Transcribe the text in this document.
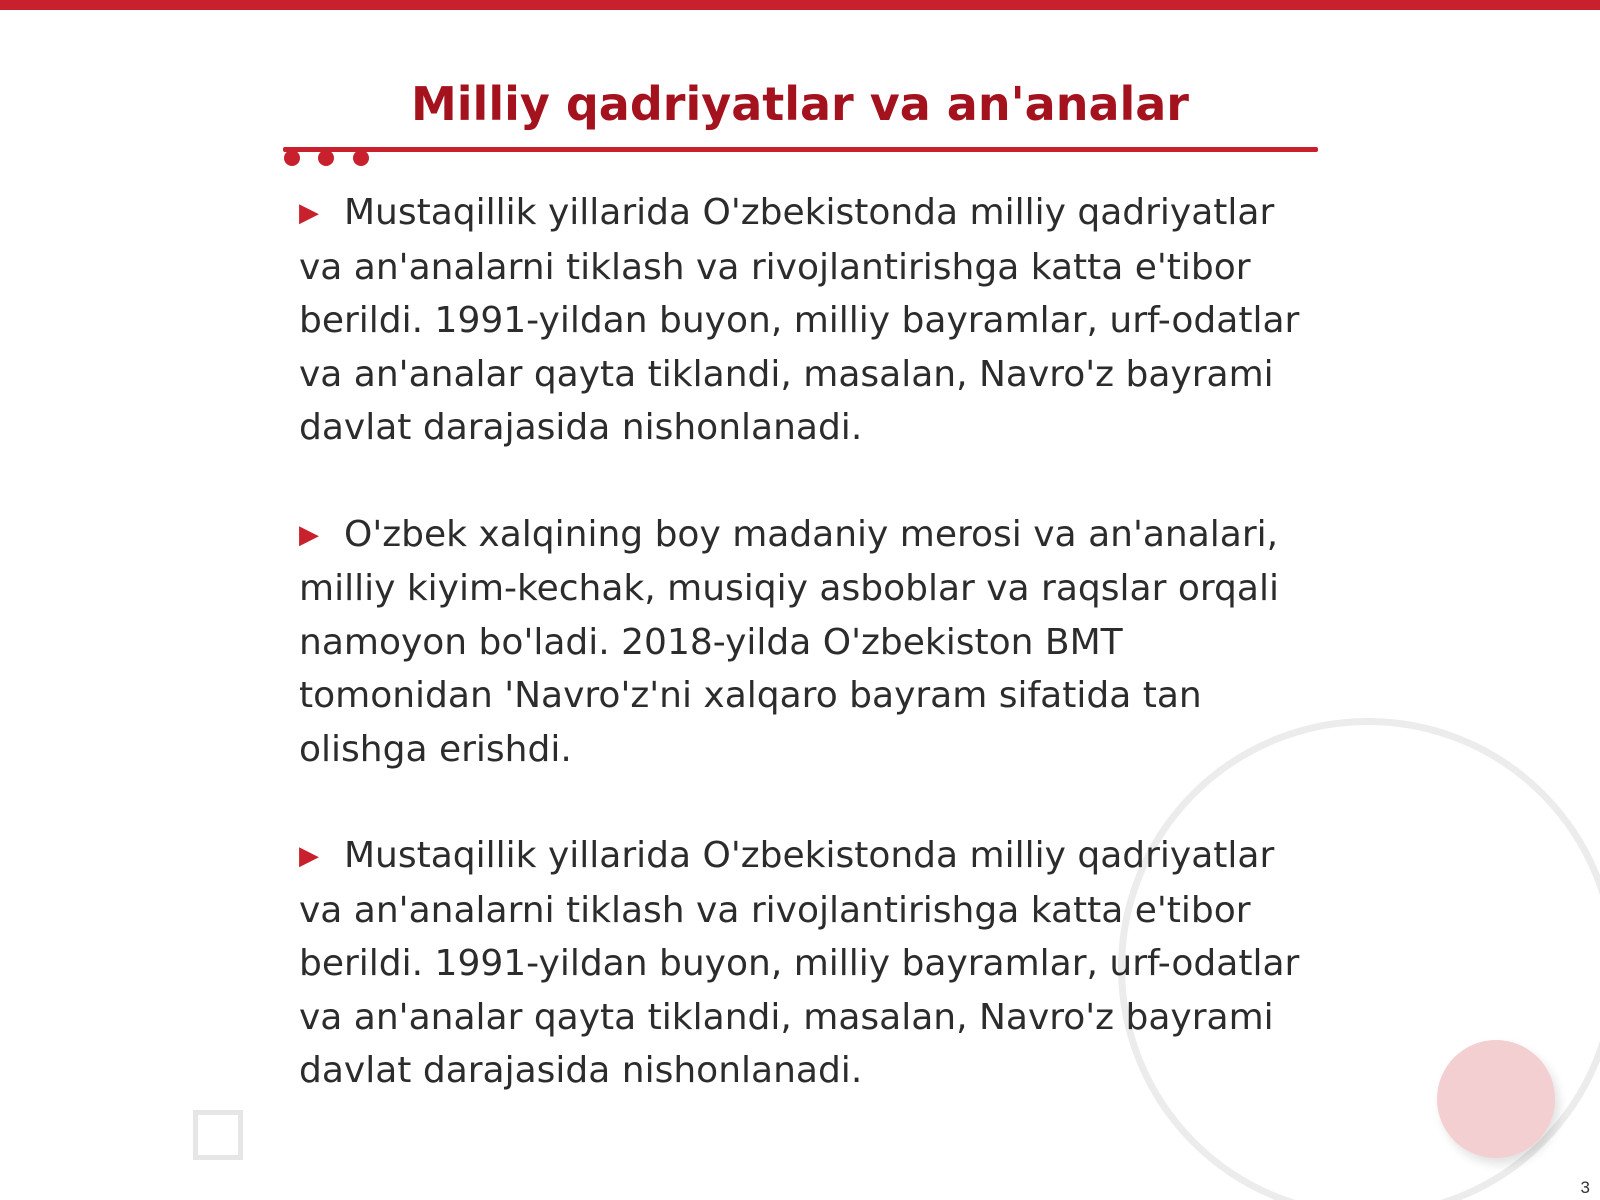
Milliy qadriyatlar va an'analar

▶ Mustaqillik yillarida O'zbekistonda milliy qadriyatlar va an'analarni tiklash va rivojlantirishga katta e'tibor berildi. 1991-yildan buyon, milliy bayramlar, urf-odatlar va an'analar qayta tiklandi, masalan, Navro'z bayrami davlat darajasida nishonlanadi.

▶ O'zbek xalqining boy madaniy merosi va an'analari, milliy kiyim-kechak, musiqiy asboblar va raqslar orqali namoyon bo'ladi. 2018-yilda O'zbekiston BMT tomonidan 'Navro'z'ni xalqaro bayram sifatida tan olishga erishdi.

▶ Mustaqillik yillarida O'zbekistonda milliy qadriyatlar va an'analarni tiklash va rivojlantirishga katta e'tibor berildi. 1991-yildan buyon, milliy bayramlar, urf-odatlar va an'analar qayta tiklandi, masalan, Navro'z bayrami davlat darajasida nishonlanadi.

3
